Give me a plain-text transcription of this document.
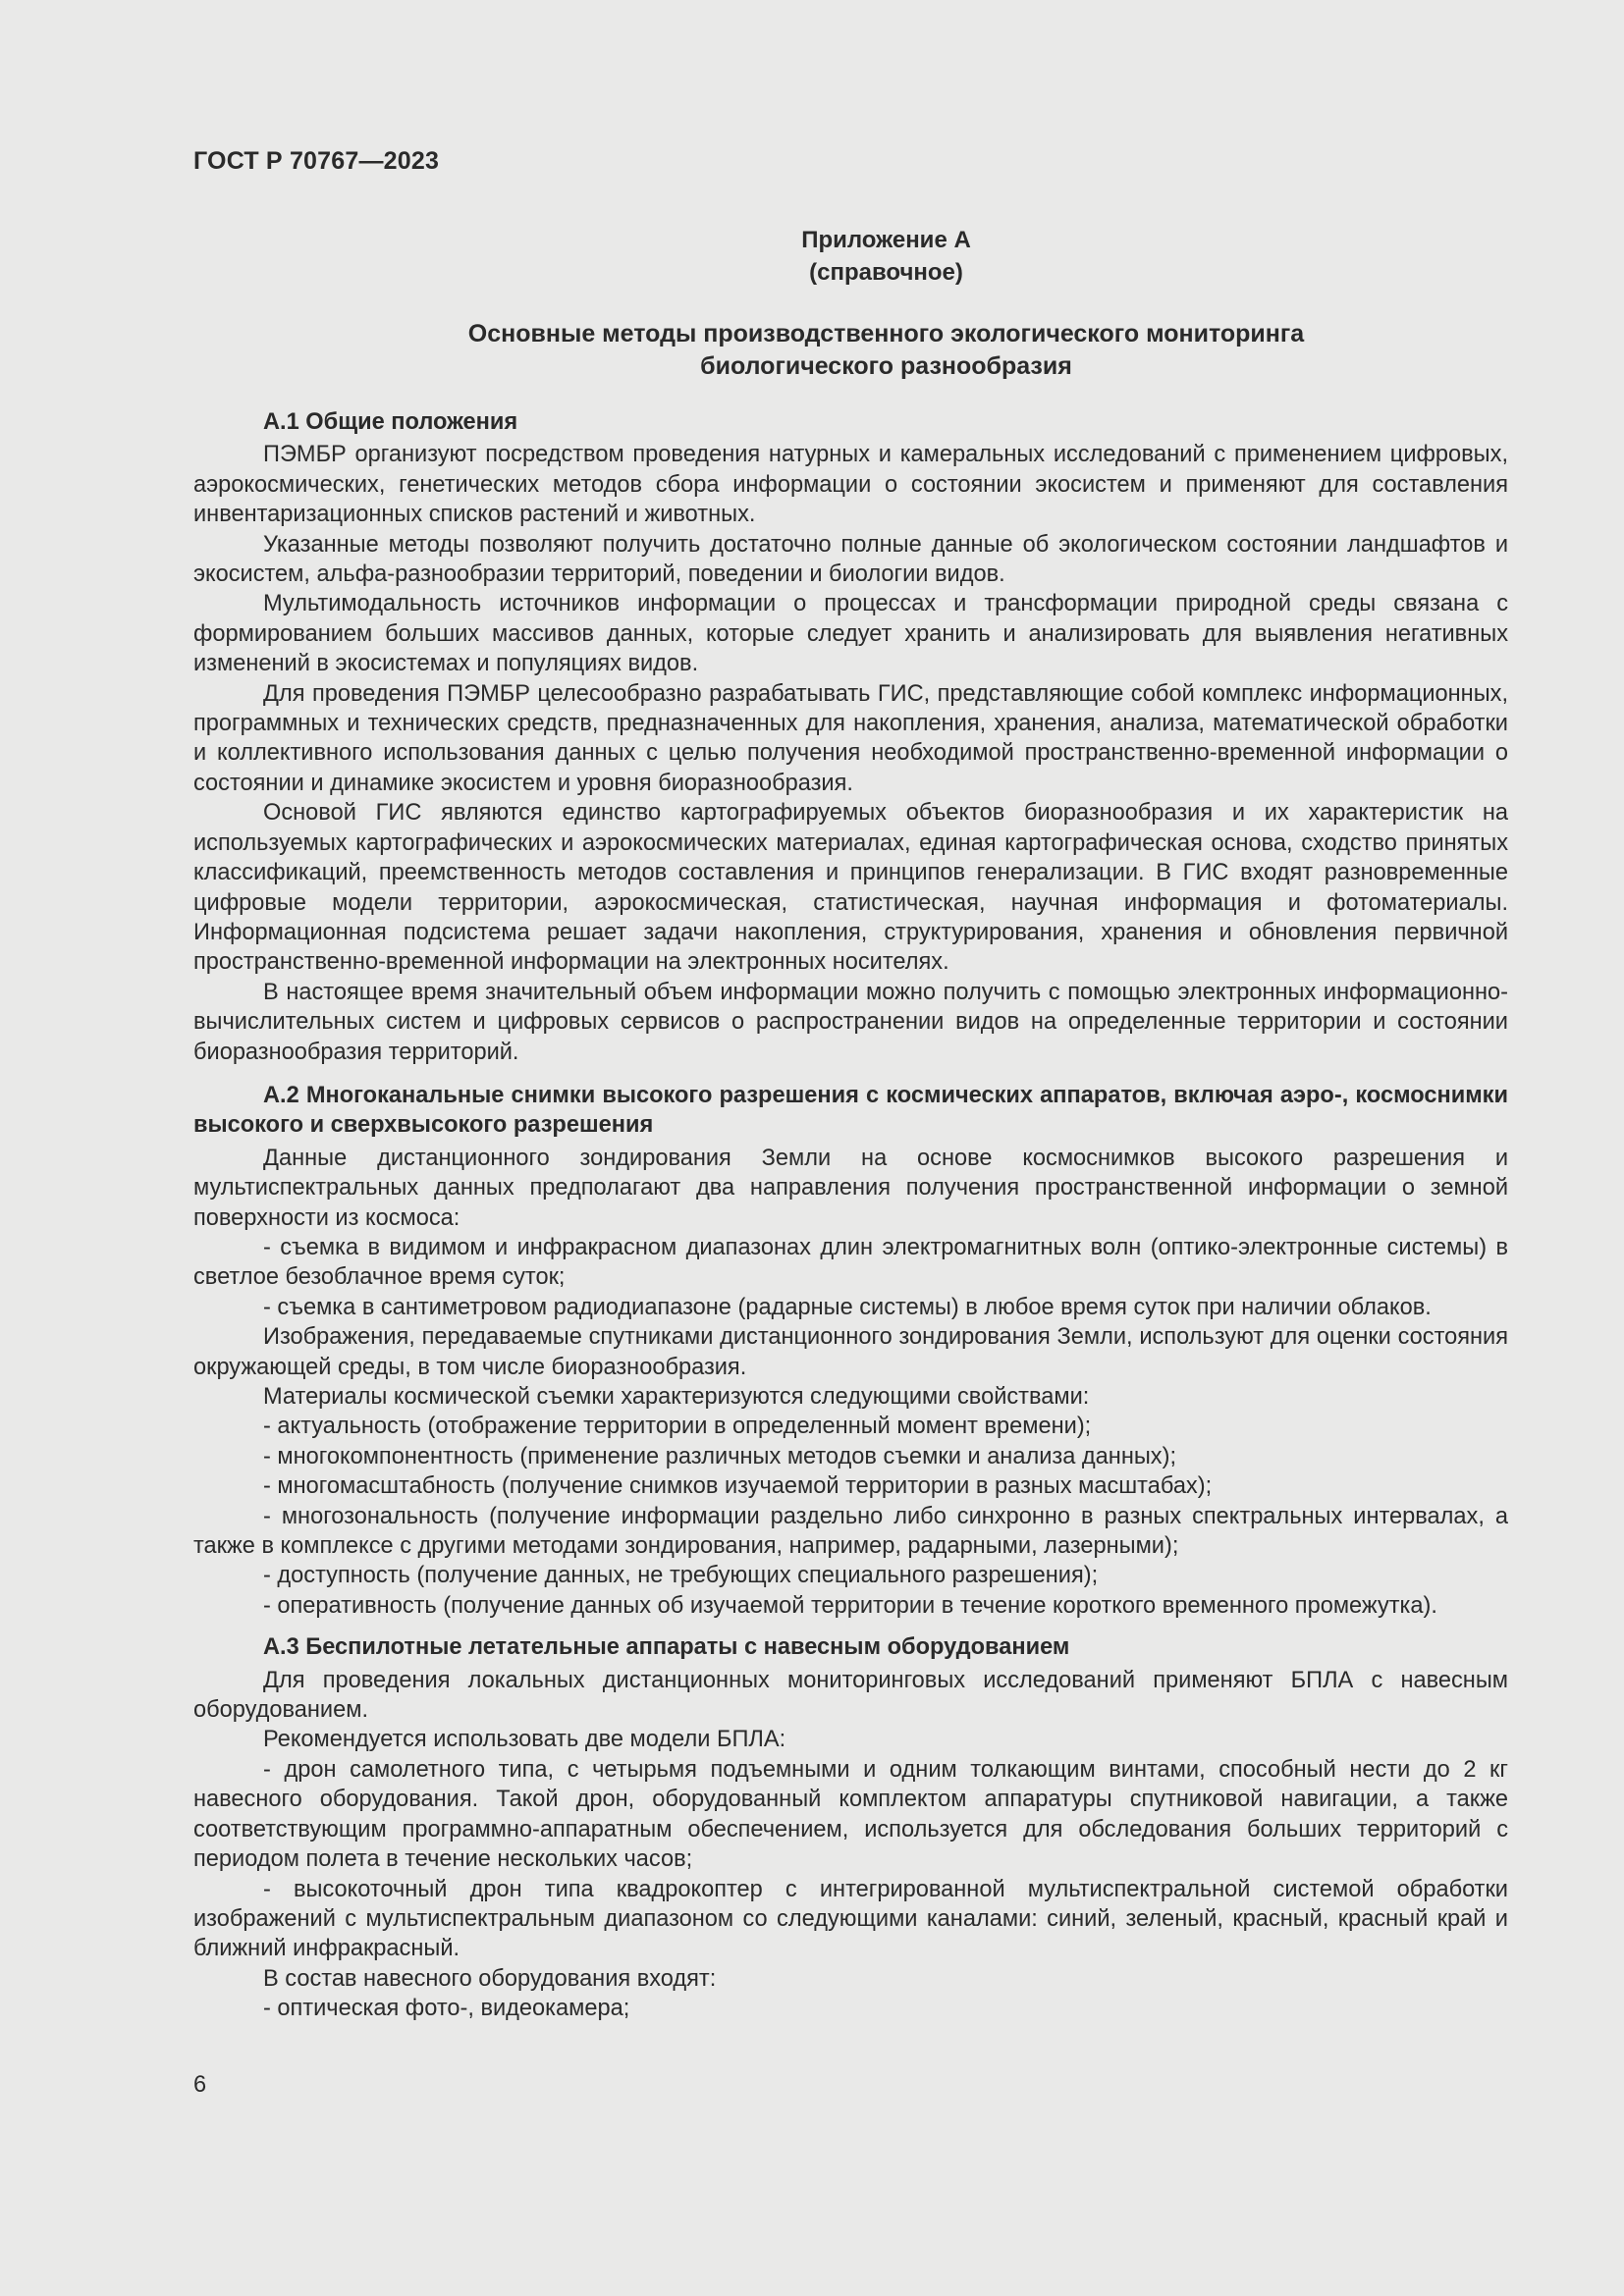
ГОСТ Р 70767—2023

Приложение А

(справочное)

Основные методы производственного экологического мониторинга
биологического разнообразия

А.1 Общие положения

ПЭМБР организуют посредством проведения натурных и камеральных исследований с применением цифровых, аэрокосмических, генетических методов сбора информации о состоянии экосистем и применяют для составления инвентаризационных списков растений и животных.

Указанные методы позволяют получить достаточно полные данные об экологическом состоянии ландшафтов и экосистем, альфа-разнообразии территорий, поведении и биологии видов.

Мультимодальность источников информации о процессах и трансформации природной среды связана с формированием больших массивов данных, которые следует хранить и анализировать для выявления негативных изменений в экосистемах и популяциях видов.

Для проведения ПЭМБР целесообразно разрабатывать ГИС, представляющие собой комплекс информационных, программных и технических средств, предназначенных для накопления, хранения, анализа, математической обработки и коллективного использования данных с целью получения необходимой пространственно-временной информации о состоянии и динамике экосистем и уровня биоразнообразия.

Основой ГИС являются единство картографируемых объектов биоразнообразия и их характеристик на используемых картографических и аэрокосмических материалах, единая картографическая основа, сходство принятых классификаций, преемственность методов составления и принципов генерализации. В ГИС входят разновременные цифровые модели территории, аэрокосмическая, статистическая, научная информация и фотоматериалы. Информационная подсистема решает задачи накопления, структурирования, хранения и обновления первичной пространственно-временной информации на электронных носителях.

В настоящее время значительный объем информации можно получить с помощью электронных информационно-вычислительных систем и цифровых сервисов о распространении видов на определенные территории и состоянии биоразнообразия территорий.

А.2 Многоканальные снимки высокого разрешения с космических аппаратов, включая аэро-, космоснимки высокого и сверхвысокого разрешения

Данные дистанционного зондирования Земли на основе космоснимков высокого разрешения и мультиспектральных данных предполагают два направления получения пространственной информации о земной поверхности из космоса:

- съемка в видимом и инфракрасном диапазонах длин электромагнитных волн (оптико-электронные системы) в светлое безоблачное время суток;

- съемка в сантиметровом радиодиапазоне (радарные системы) в любое время суток при наличии облаков.

Изображения, передаваемые спутниками дистанционного зондирования Земли, используют для оценки состояния окружающей среды, в том числе биоразнообразия.

Материалы космической съемки характеризуются следующими свойствами:

- актуальность (отображение территории в определенный момент времени);

- многокомпонентность (применение различных методов съемки и анализа данных);

- многомасштабность (получение снимков изучаемой территории в разных масштабах);

- многозональность (получение информации раздельно либо синхронно в разных спектральных интервалах, а также в комплексе с другими методами зондирования, например, радарными, лазерными);

- доступность (получение данных, не требующих специального разрешения);

- оперативность (получение данных об изучаемой территории в течение короткого временного промежутка).

А.3 Беспилотные летательные аппараты с навесным оборудованием

Для проведения локальных дистанционных мониторинговых исследований применяют БПЛА с навесным оборудованием.

Рекомендуется использовать две модели БПЛА:

- дрон самолетного типа, с четырьмя подъемными и одним толкающим винтами, способный нести до 2 кг навесного оборудования. Такой дрон, оборудованный комплектом аппаратуры спутниковой навигации, а также соответствующим программно-аппаратным обеспечением, используется для обследования больших территорий с периодом полета в течение нескольких часов;

- высокоточный дрон типа квадрокоптер с интегрированной мультиспектральной системой обработки изображений с мультиспектральным диапазоном со следующими каналами: синий, зеленый, красный, красный край и ближний инфракрасный.

В состав навесного оборудования входят:

- оптическая фото-, видеокамера;

6
